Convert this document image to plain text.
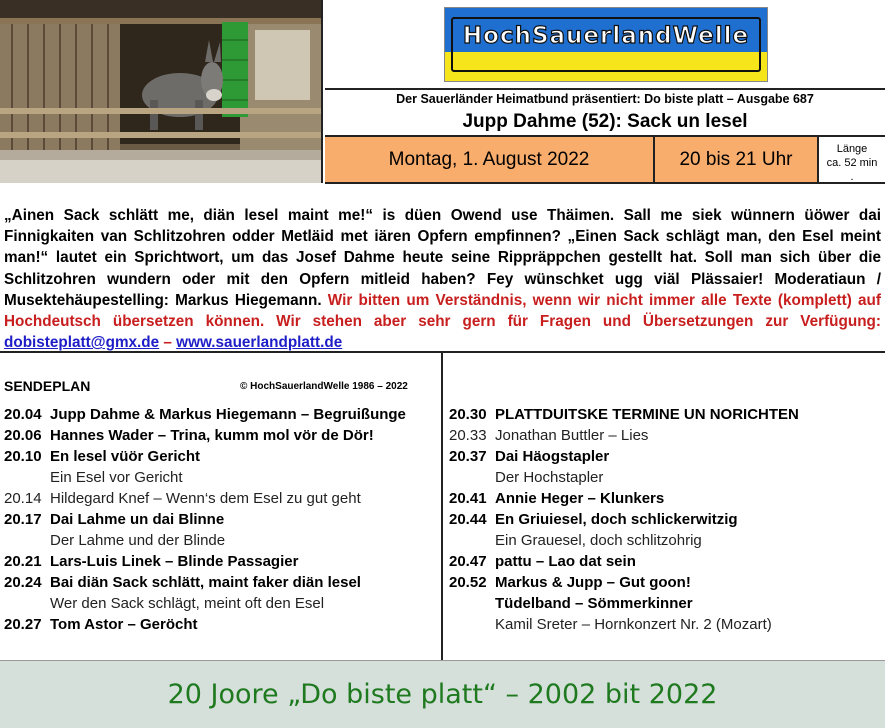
HochSauerlandWelle
Der Sauerländer Heimatbund präsentiert: Do biste platt – Ausgabe 687
Jupp Dahme (52): Sack un lesel
Montag, 1. August 2022	20 bis 21 Uhr	Länge
ca. 52 min
.
„Ainen Sack schlätt me, diän lesel maint me!“ is düen Owend use Thäimen. Sall me siek wünnern üöwer dai Finnigkaiten van Schlitzohren odder Metläid met iären Opfern empfinnen? „Einen Sack schlägt man, den Esel meint man!“ lautet ein Sprichtwort, um das Josef Dahme heute seine Rippräppchen gestellt hat. Soll man sich über die Schlitzohren wundern oder mit den Opfern mitleid haben? Fey wünschket ugg viäl Plässaier! Moderatiaun / Musektehäupestelling: Markus Hiegemann. Wir bitten um Verständnis, wenn wir nicht immer alle Texte (komplett) auf Hochdeutsch übersetzen können. Wir stehen aber sehr gern für Fragen und Übersetzungen zur Verfügung: dobisteplatt@gmx.de – www.sauerlandplatt.de
SENDEPLAN	© HochSauerlandWelle 1986 – 2022
20.04 Jupp Dahme & Markus Hiegemann – Begruißunge
20.06 Hannes Wader – Trina, kumm mol vör de Dör!
20.10 En lesel vüör Gericht
Ein Esel vor Gericht
20.14 Hildegard Knef – Wenn‘s dem Esel zu gut geht
20.17 Dai Lahme un dai Blinne
Der Lahme und der Blinde
20.21 Lars-Luis Linek – Blinde Passagier
20.24 Bai diän Sack schlätt, maint faker diän lesel
Wer den Sack schlägt, meint oft den Esel
20.27 Tom Astor – Geröcht
20.30 PLATTDUITSKE TERMINE UN NORICHTEN
20.33 Jonathan Buttler – Lies
20.37 Dai Häogstapler
Der Hochstapler
20.41 Annie Heger – Klunkers
20.44 En Griuiesel, doch schlickerwitzig
Ein Grauesel, doch schlitzohrig
20.47 pattu – Lao dat sein
20.52 Markus & Jupp – Gut goon!
Tüdelband – Sömmerkinner
Kamil Sreter – Hornkonzert Nr. 2 (Mozart)
20 Joore „Do biste platt“ – 2002 bit 2022
